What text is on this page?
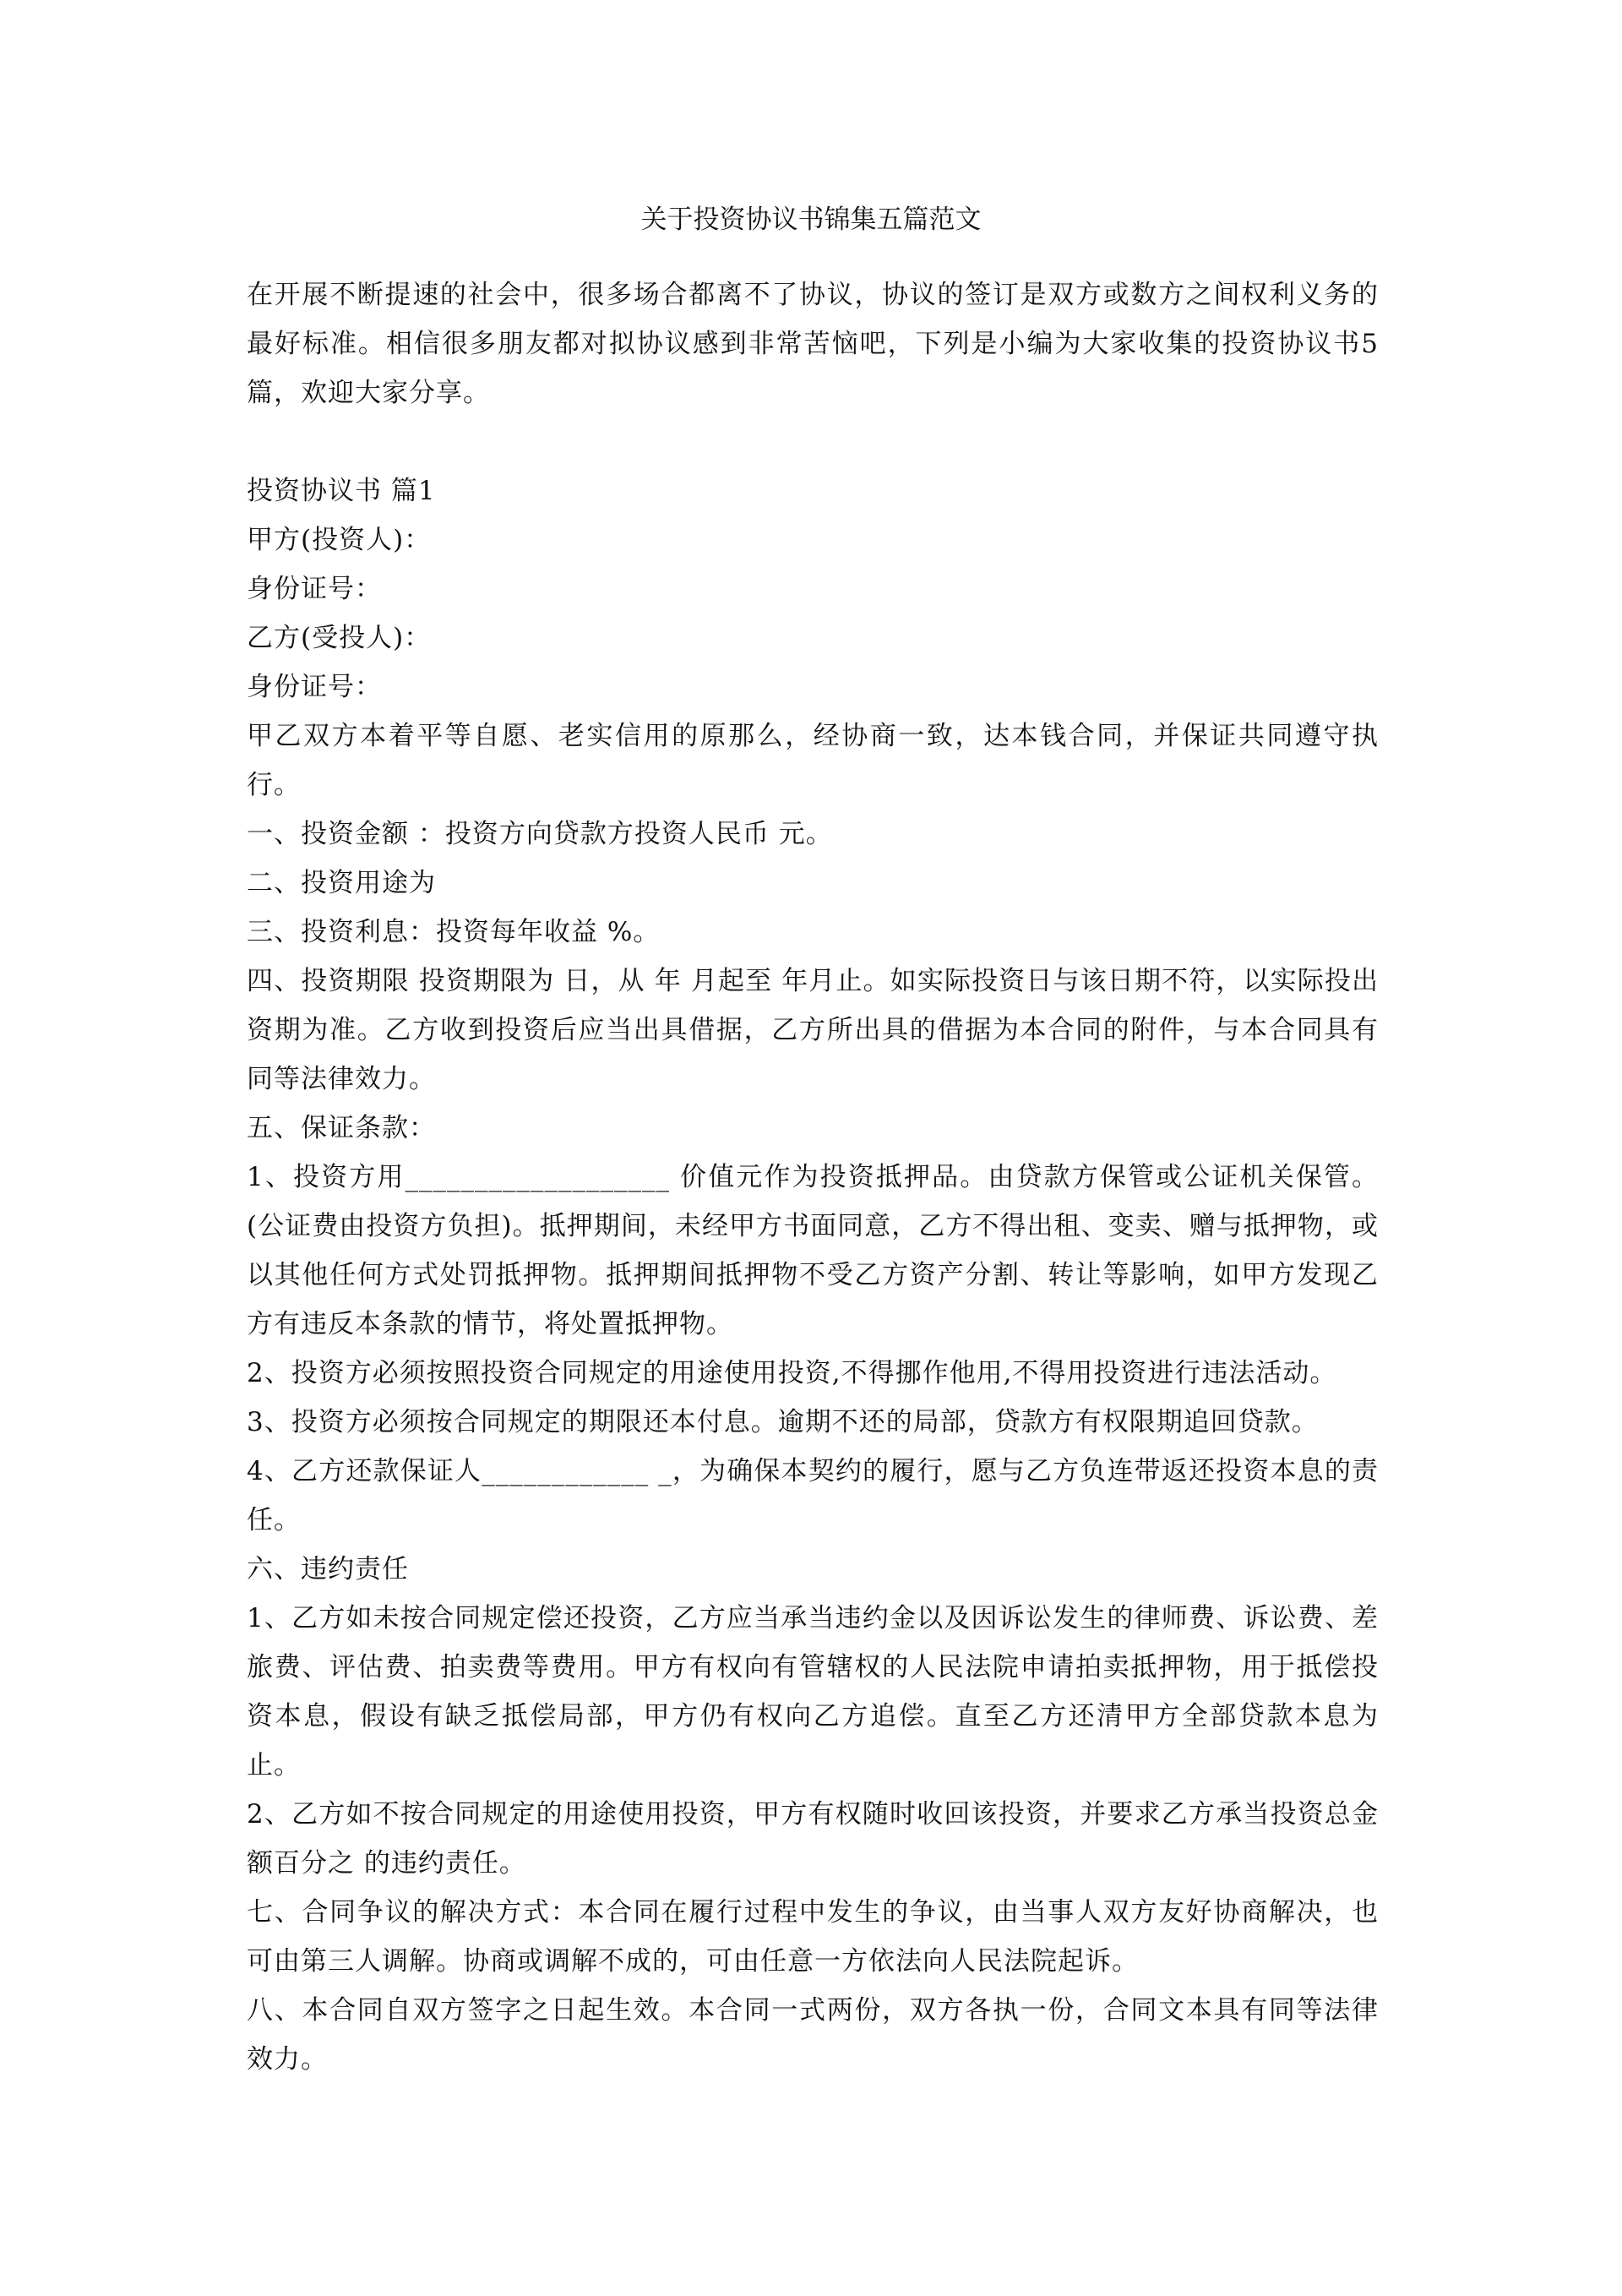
关于投资协议书锦集五篇范文

在开展不断提速的社会中，很多场合都离不了协议，协议的签订是双方或数方之间权利义务的最好标准。相信很多朋友都对拟协议感到非常苦恼吧，下列是小编为大家收集的投资协议书5篇，欢迎大家分享。

投资协议书 篇1

甲方(投资人)：

身份证号：

乙方(受投人)：

身份证号：

甲乙双方本着平等自愿、老实信用的原那么，经协商一致，达本钱合同，并保证共同遵守执行。

一、投资金额 ：投资方向贷款方投资人民币 元。

二、投资用途为

三、投资利息：投资每年收益 %。

四、投资期限 投资期限为 日，从 年 月起至 年月止。如实际投资日与该日期不符，以实际投出资期为准。乙方收到投资后应当出具借据，乙方所出具的借据为本合同的附件，与本合同具有同等法律效力。

五、保证条款：

1、投资方用___________________ 价值元作为投资抵押品。由贷款方保管或公证机关保管。(公证费由投资方负担)。抵押期间，未经甲方书面同意，乙方不得出租、变卖、赠与抵押物，或以其他任何方式处罚抵押物。抵押期间抵押物不受乙方资产分割、转让等影响，如甲方发现乙方有违反本条款的情节，将处置抵押物。

2、投资方必须按照投资合同规定的用途使用投资,不得挪作他用,不得用投资进行违法活动。

3、投资方必须按合同规定的期限还本付息。逾期不还的局部，贷款方有权限期追回贷款。

4、乙方还款保证人____________ _，为确保本契约的履行，愿与乙方负连带返还投资本息的责任。

六、违约责任

1、乙方如未按合同规定偿还投资，乙方应当承当违约金以及因诉讼发生的律师费、诉讼费、差旅费、评估费、拍卖费等费用。甲方有权向有管辖权的人民法院申请拍卖抵押物，用于抵偿投资本息，假设有缺乏抵偿局部，甲方仍有权向乙方追偿。直至乙方还清甲方全部贷款本息为止。

2、乙方如不按合同规定的用途使用投资，甲方有权随时收回该投资，并要求乙方承当投资总金额百分之 的违约责任。

七、合同争议的解决方式：本合同在履行过程中发生的争议，由当事人双方友好协商解决，也可由第三人调解。协商或调解不成的，可由任意一方依法向人民法院起诉。

八、本合同自双方签字之日起生效。本合同一式两份，双方各执一份，合同文本具有同等法律效力。
